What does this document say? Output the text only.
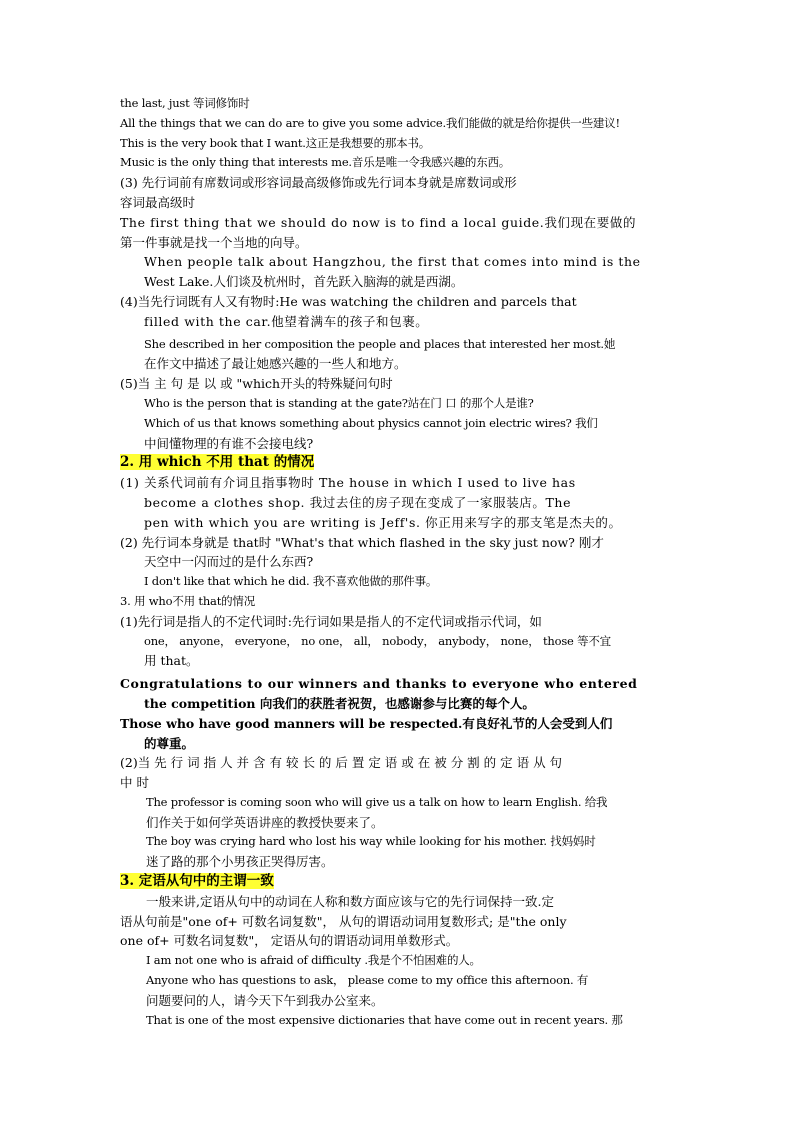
the last, just 等词修饰时
All the things that we can do are to give you some advice.我们能做的就是给你提供一些建议!
This is the very book that I want.这正是我想要的那本书。
Music is the only thing that interests me.音乐是唯一令我感兴趣的东西。
(3) 先行词前有席数词或形容词最高级修饰或先行词本身就是席数词或形
容词最高级时
The first thing that we should do now is to find a local guide.我们现在要做的
第一件事就是找一个当地的向导。
When people talk about Hangzhou, the first that comes into mind is the
West Lake.人们谈及杭州时，首先跃入脑海的就是西湖。
(4)当先行词既有人又有物时:He was watching the children and parcels that
filled with the car.他望着满车的孩子和包裹。
She described in her composition the people and places that interested her most.她
在作文中描述了最让她感兴趣的一些人和地方。
(5)当 主 句 是 以 或 "which开头的特殊疑问句时
Who is the person that is standing at the gate?站在门 口 的那个人是谁?
Which of us that knows something about physics cannot join electric wires? 我们
中间懂物理的有谁不会接电线?
2. 用 which 不用 that 的情况
(1) 关系代词前有介词且指事物时 The house in which I used to live has
become a clothes shop. 我过去住的房子现在变成了一家服装店。The
pen with which you are writing is Jeff's. 你正用来写字的那支笔是杰夫的。
(2) 先行词本身就是 that时 "What's that which flashed in the sky just now? 刚才
天空中一闪而过的是什么东西?
I don't like that which he did. 我不喜欢他做的那件事。
3. 用 who不用 that的情况
(1)先行词是指人的不定代词时:先行词如果是指人的不定代词或指示代词，如
one， anyone， everyone， no one， all， nobody， anybody， none， those 等不宜
用 that。
Congratulations to our winners and thanks to everyone who entered
the competition 向我们的获胜者祝贺，也感谢参与比赛的每个人。
Those who have good manners will be respected.有良好礼节的人会受到人们
的尊重。
(2)当 先 行 词 指 人 并 含 有 较 长 的 后 置 定 语 或 在 被 分 割 的 定 语 从 句
中 时
The professor is coming soon who will give us a talk on how to learn English. 给我
们作关于如何学英语讲座的教授快要来了。
The boy was crying hard who lost his way while looking for his mother. 找妈妈时
迷了路的那个小男孩正哭得厉害。
3. 定语从句中的主谓一致
一般来讲,定语从句中的动词在人称和数方面应该与它的先行词保持一致.定
语从句前是"one of+ 可数名词复数"， 从句的谓语动词用复数形式; 是"the only
one of+ 可数名词复数"， 定语从句的谓语动词用单数形式。
I am not one who is afraid of difficulty .我是个不怕困难的人。
Anyone who has questions to ask， please come to my office this afternoon. 有
问题要问的人，请今天下午到我办公室来。
That is one of the most expensive dictionaries that have come out in recent years. 那
